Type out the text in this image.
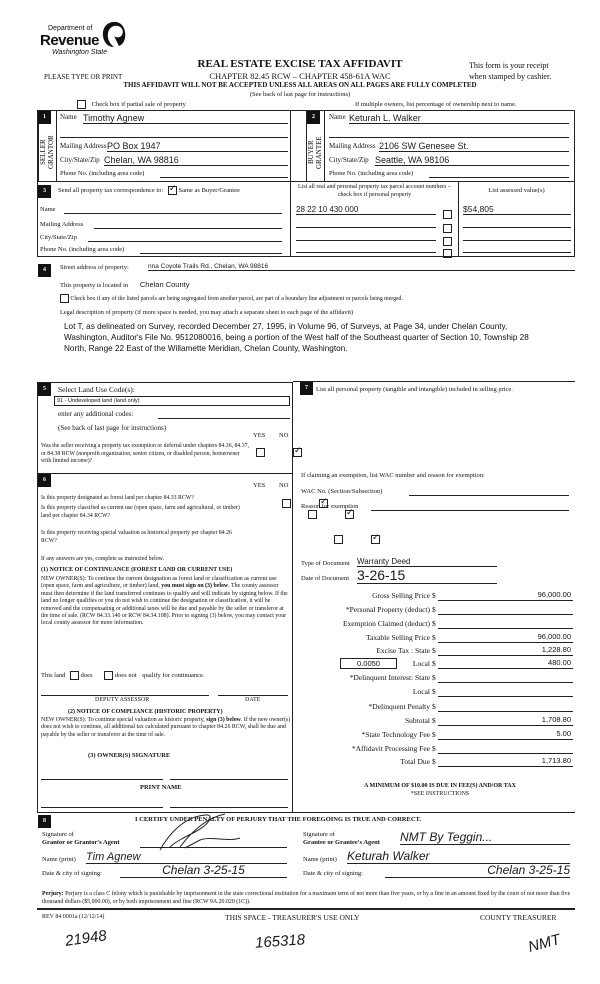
Department of
Revenue
Washington State
REAL ESTATE EXCISE TAX AFFIDAVIT	This form is your receipt
PLEASE TYPE OR PRINT	CHAPTER 82.45 RCW – CHAPTER 458-61A WAC	when stamped by cashier.
THIS AFFIDAVIT WILL NOT BE ACCEPTED UNLESS ALL AREAS ON ALL PAGES ARE FULLY COMPLETED
(See back of last page for instructions)
Check box if partial sale of property	If multiple owners, list percentage of ownership next to name.
1
SELLER GRANTOR
Name Timothy Agnew
Mailing Address PO Box 1947
City/State/Zip Chelan, WA 98816
Phone No. (including area code)
2
BUYER GRANTEE
Name Keturah L. Walker
Mailing Address 2106 SW Genesee St.
City/State/Zip Seattle, WA 98106
Phone No. (including area code)
3	Send all property tax correspondence to: ✓ Same as Buyer/Grantee	List all real and personal property tax parcel account numbers – check box if personal property
List assessed value(s)
Name
Mailing Address
City/State/Zip
Phone No. (including area code)
28 22 10 430 000	$54,805
4	Street address of property:	nna Coyote Trails Rd., Chelan, WA 98816
This property is located in Chelan County
Check box if any of the listed parcels are being segregated from another parcel, are part of a boundary line adjustment or parcels being merged.
Legal description of property (if more space is needed, you may attach a separate sheet to each page of the affidavit)
Lot T, as delineated on Survey, recorded December 27, 1995, in Volume 96, of Surveys, at Page 34, under Chelan County, Washington, Auditor's File No. 9512080016, being a portion of the West half of the Southeast quarter of Section 10, Township 28 North, Range 22 East of the Willamette Meridian, Chelan County, Washington.
5	Select Land Use Code(s):
91 - Undeveloped land (land only)
enter any additional codes:
(See back of last page for instructions)
YES NO
Was the seller receiving a property tax exemption or deferral under chapters 84.36, 84.37, or 84.38 RCW (nonprofit organization, senior citizen, or disabled person, homeowner with limited income)?
✓
6
YES NO
Is this property designated as forest land per chapter 84.33 RCW?
✓
Is this property classified as current use (open space, farm and agricultural, or timber) land per chapter 84.34 RCW?
✓
Is this property receiving special valuation as historical property per chapter 84.26 RCW?
✓
If any answers are yes, complete as instructed below.
(1) NOTICE OF CONTINUANCE (FOREST LAND OR CURRENT USE)
NEW OWNER(S): To continue the current designation as forest land or classification as current use (open space, farm and agriculture, or timber) land, you must sign on (3) below. The county assessor must then determine if the land transferred continues to qualify and will indicate by signing below. If the land no longer qualifies or you do not wish to continue the designation or classification, it will be removed and the compensating or additional taxes will be due and payable by the seller or transferor at the time of sale. (RCW 84.33.140 or RCW 84.34.108). Prior to signing (3) below, you may contact your local county assessor for more information.
This land does	does not qualify for continuance.
DEPUTY ASSESSOR	DATE
(2) NOTICE OF COMPLIANCE (HISTORIC PROPERTY)
NEW OWNER(S): To continue special valuation as historic property, sign (3) below. If the new owner(s) does not wish to continue, all additional tax calculated pursuant to chapter 84.26 RCW, shall be due and payable by the seller or transferor at the time of sale.
(3) OWNER(S) SIGNATURE
PRINT NAME
7	List all personal property (tangible and intangible) included in selling price.
If claiming an exemption, list WAC number and reason for exemption:
WAC No. (Section/Subsection)
Reason for exemption
Type of Document Warranty Deed
Date of Document 3-26-15
Gross Selling Price $	96,000.00
*Personal Property (deduct) $
Exemption Claimed (deduct) $
Taxable Selling Price $	96,000.00
Excise Tax : State $	1,228.80
0.0050	Local $	480.00
*Delinquent Interest: State $
Local $
*Delinquent Penalty $
Subtotal $	1,708.80
*State Technology Fee $	5.00
*Affidavit Processing Fee $
Total Due $	1,713.80
A MINIMUM OF $10.00 IS DUE IN FEE(S) AND/OR TAX
*SEE INSTRUCTIONS
8	I CERTIFY UNDER PENALTY OF PERJURY THAT THE FOREGOING IS TRUE AND CORRECT.
Signature of
Grantor or Grantor's Agent
Name (print) Tim Agnew
Date & city of signing:	Chelan 3-25-15
Signature of
Grantee or Grantee's Agent NMT By Teggin...
Name (print) Keturah Walker
Date & city of signing:	Chelan 3-25-15
Perjury: Perjury is a class C felony which is punishable by imprisonment in the state correctional institution for a maximum term of not more than five years, or by a fine in an amount fixed by the court of not more than five thousand dollars ($5,000.00), or by both imprisonment and fine (RCW 9A.20.020 (1C)).
REV 84 0001a (12/12/14)	THIS SPACE - TREASURER'S USE ONLY	COUNTY TREASURER
21948	165318	NMT
